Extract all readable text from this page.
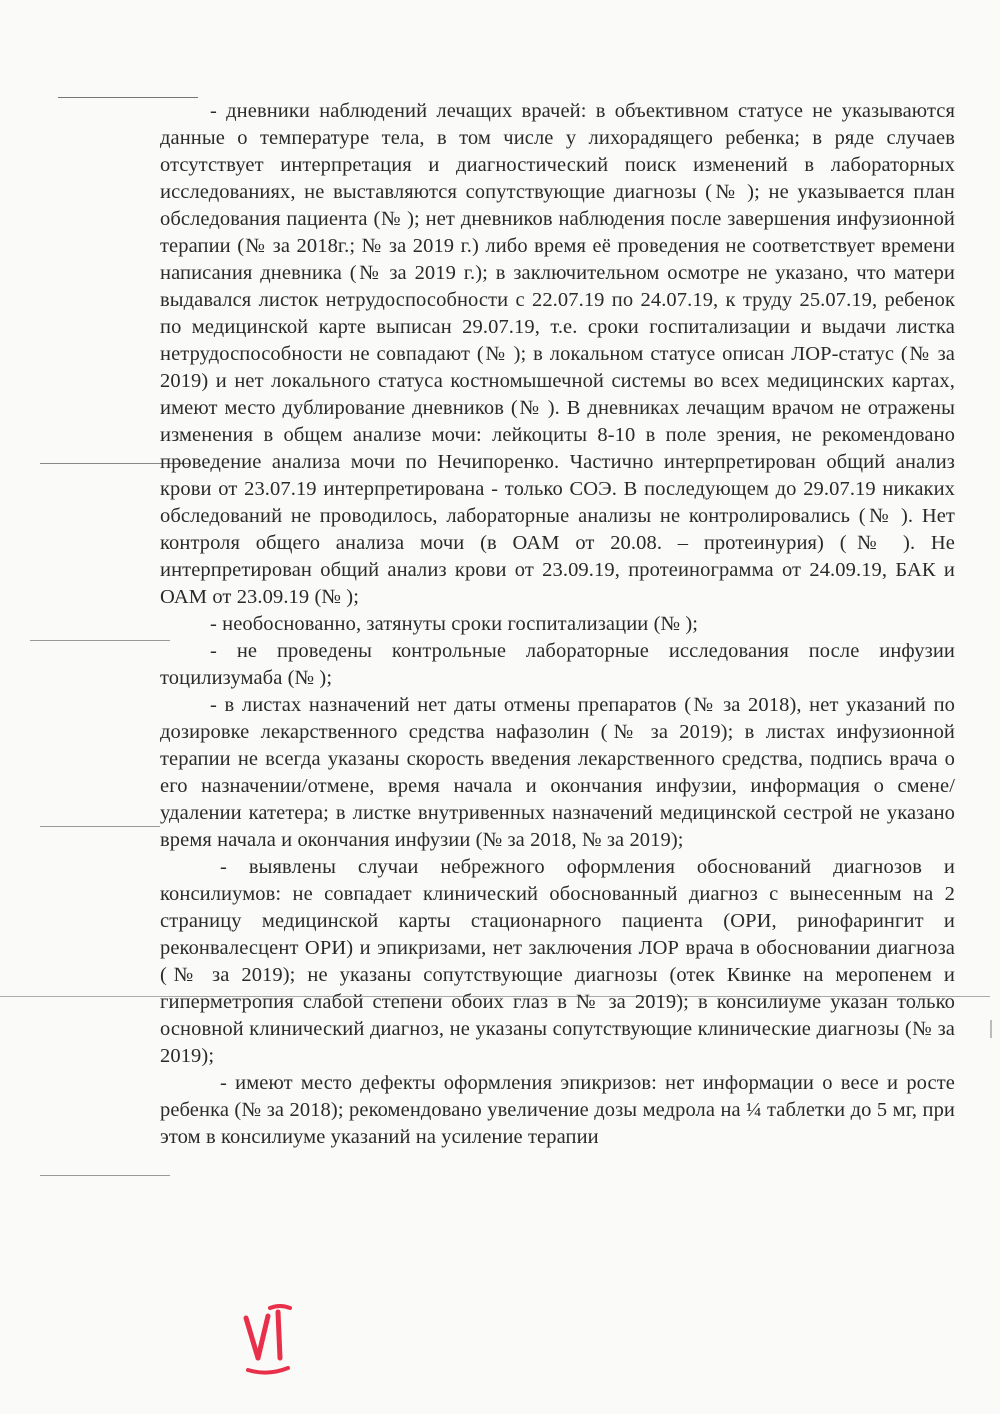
- дневники наблюдений лечащих врачей: в объективном статусе не указываются данные о температуре тела, в том числе у лихорадящего ребенка; в ряде случаев отсутствует интерпретация и диагностический поиск изменений в лабораторных исследованиях, не выставляются сопутствующие диагнозы (№ ); не указывается план обследования пациента (№ ); нет дневников наблюдения после завершения инфузионной терапии (№ за 2018г.; № за 2019 г.) либо время её проведения не соответствует времени написания дневника (№ за 2019 г.); в заключительном осмотре не указано, что матери выдавался листок нетрудоспособности с 22.07.19 по 24.07.19, к труду 25.07.19, ребенок по медицинской карте выписан 29.07.19, т.е. сроки госпитализации и выдачи листка нетрудоспособности не совпадают (№ ); в локальном статусе описан ЛОР-статус (№ за 2019) и нет локального статуса костномышечной системы во всех медицинских картах, имеют место дублирование дневников (№ ). В дневниках лечащим врачом не отражены изменения в общем анализе мочи: лейкоциты 8-10 в поле зрения, не рекомендовано проведение анализа мочи по Нечипоренко. Частично интерпретирован общий анализ крови от 23.07.19 интерпретирована - только СОЭ. В последующем до 29.07.19 никаких обследований не проводилось, лабораторные анализы не контролировались (№ ). Нет контроля общего анализа мочи (в ОАМ от 20.08. – протеинурия) (№ ). Не интерпретирован общий анализ крови от 23.09.19, протеинограмма от 24.09.19, БАК и ОАМ от 23.09.19 (№ );

- необоснованно, затянуты сроки госпитализации (№ );

- не проведены контрольные лабораторные исследования после инфузии тоцилизумаба (№ );

- в листах назначений нет даты отмены препаратов (№ за 2018), нет указаний по дозировке лекарственного средства нафазолин (№ за 2019); в листах инфузионной терапии не всегда указаны скорость введения лекарственного средства, подпись врача о его назначении/отмене, время начала и окончания инфузии, информация о смене/удалении катетера; в листке внутривенных назначений медицинской сестрой не указано время начала и окончания инфузии (№ за 2018, № за 2019);

- выявлены случаи небрежного оформления обоснований диагнозов и консилиумов: не совпадает клинический обоснованный диагноз с вынесенным на 2 страницу медицинской карты стационарного пациента (ОРИ, ринофарингит и реконвалесцент ОРИ) и эпикризами, нет заключения ЛОР врача в обосновании диагноза (№ за 2019); не указаны сопутствующие диагнозы (отек Квинке на меропенем и гиперметропия слабой степени обоих глаз в № за 2019); в консилиуме указан только основной клинический диагноз, не указаны сопутствующие клинические диагнозы (№ за 2019);

- имеют место дефекты оформления эпикризов: нет информации о весе и росте ребенка (№ за 2018); рекомендовано увеличение дозы медрола на ¼ таблетки до 5 мг, при этом в консилиуме указаний на усиление терапии
